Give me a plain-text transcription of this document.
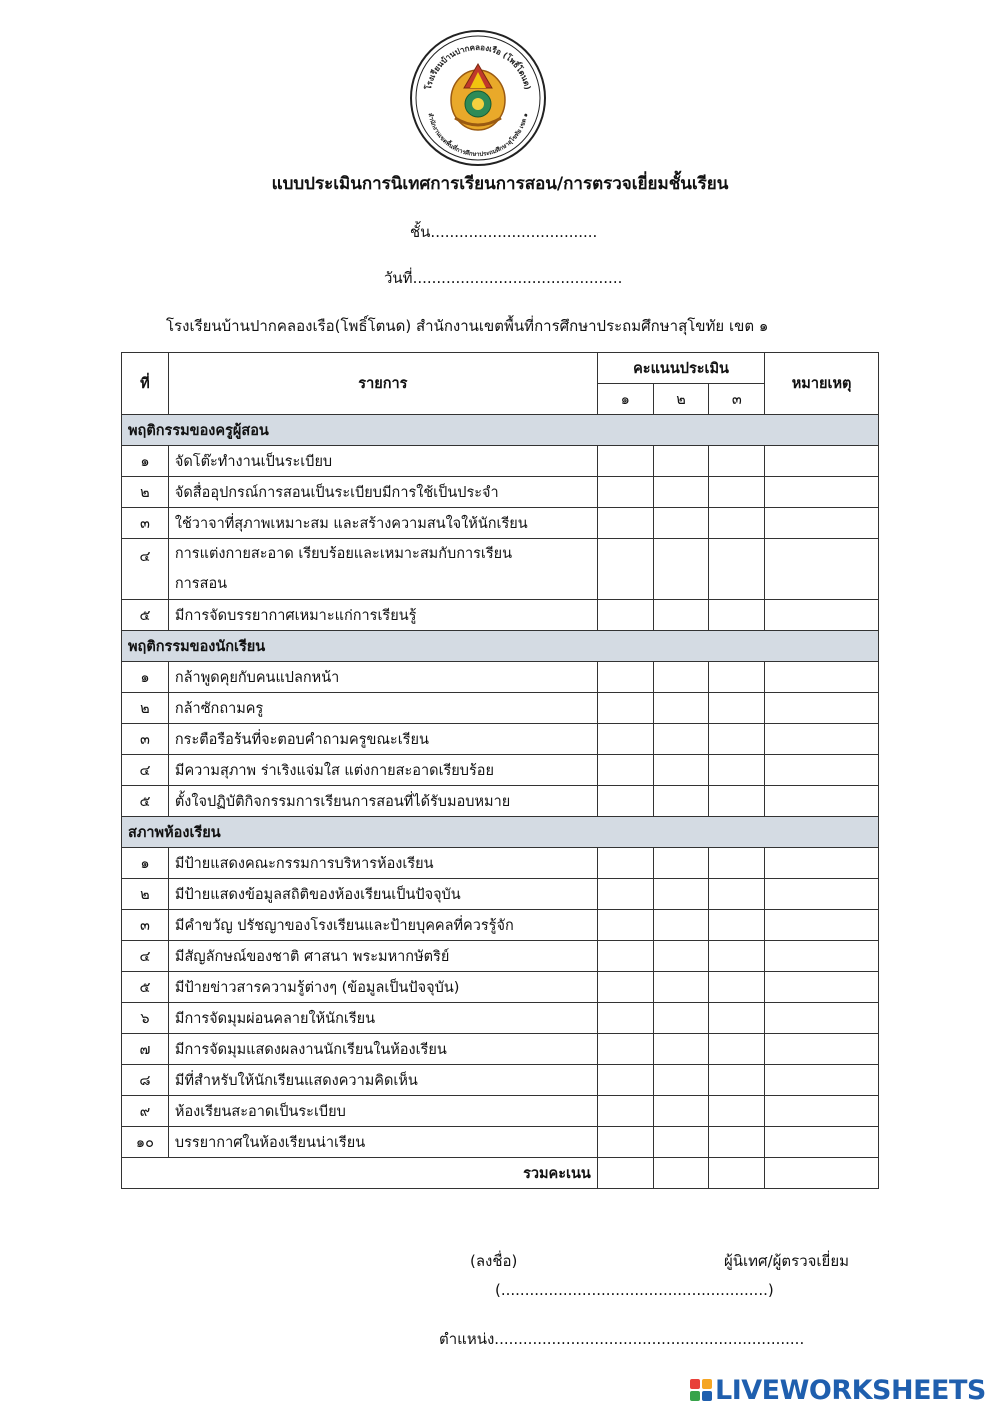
โรงเรียนบ้านปากคลองเรือ (โพธิ์โตนด)
สำนักงานเขตพื้นที่การศึกษาประถมศึกษาสุโขทัย เขต ๑
แบบประเมินการนิเทศการเรียนการสอน/การตรวจเยี่ยมชั้นเรียน
ชั้น...................................
วันที่............................................
โรงเรียนบ้านปากคลองเรือ(โพธิ์โตนด) สำนักงานเขตพื้นที่การศึกษาประถมศึกษาสุโขทัย เขต ๑
ที่	รายการ	คะแนนประเมิน			หมายเหตุ
		๑	๒	๓	
พฤติกรรมของครูผู้สอน					
๑	จัดโต๊ะทำงานเป็นระเบียบ				
๒	จัดสื่ออุปกรณ์การสอนเป็นระเบียบมีการใช้เป็นประจำ				
๓	ใช้วาจาที่สุภาพเหมาะสม และสร้างความสนใจให้นักเรียน				
๔	การแต่งกายสะอาด เรียบร้อยและเหมาะสมกับการเรียน
การสอน				
๕	มีการจัดบรรยากาศเหมาะแก่การเรียนรู้				
พฤติกรรมของนักเรียน					
๑	กล้าพูดคุยกับคนแปลกหน้า				
๒	กล้าซักถามครู				
๓	กระตือรือร้นที่จะตอบคำถามครูขณะเรียน				
๔	มีความสุภาพ ร่าเริงแจ่มใส แต่งกายสะอาดเรียบร้อย				
๕	ตั้งใจปฏิบัติกิจกรรมการเรียนการสอนที่ได้รับมอบหมาย				
สภาพห้องเรียน					
๑	มีป้ายแสดงคณะกรรมการบริหารห้องเรียน				
๒	มีป้ายแสดงข้อมูลสถิติของห้องเรียนเป็นปัจจุบัน				
๓	มีคำขวัญ ปรัชญาของโรงเรียนและป้ายบุคคลที่ควรรู้จัก				
๔	มีสัญลักษณ์ของชาติ ศาสนา พระมหากษัตริย์				
๕	มีป้ายข่าวสารความรู้ต่างๆ (ข้อมูลเป็นปัจจุบัน)				
๖	มีการจัดมุมผ่อนคลายให้นักเรียน				
๗	มีการจัดมุมแสดงผลงานนักเรียนในห้องเรียน				
๘	มีที่สำหรับให้นักเรียนแสดงความคิดเห็น				
๙	ห้องเรียนสะอาดเป็นระเบียบ				
๑๐	บรรยากาศในห้องเรียนน่าเรียน				
รวมคะเนน					
(ลงชื่อ)	ผู้นิเทศ/ผู้ตรวจเยี่ยม
(........................................................)
ตำแหน่ง.................................................................
LIVEWORKSHEETS
